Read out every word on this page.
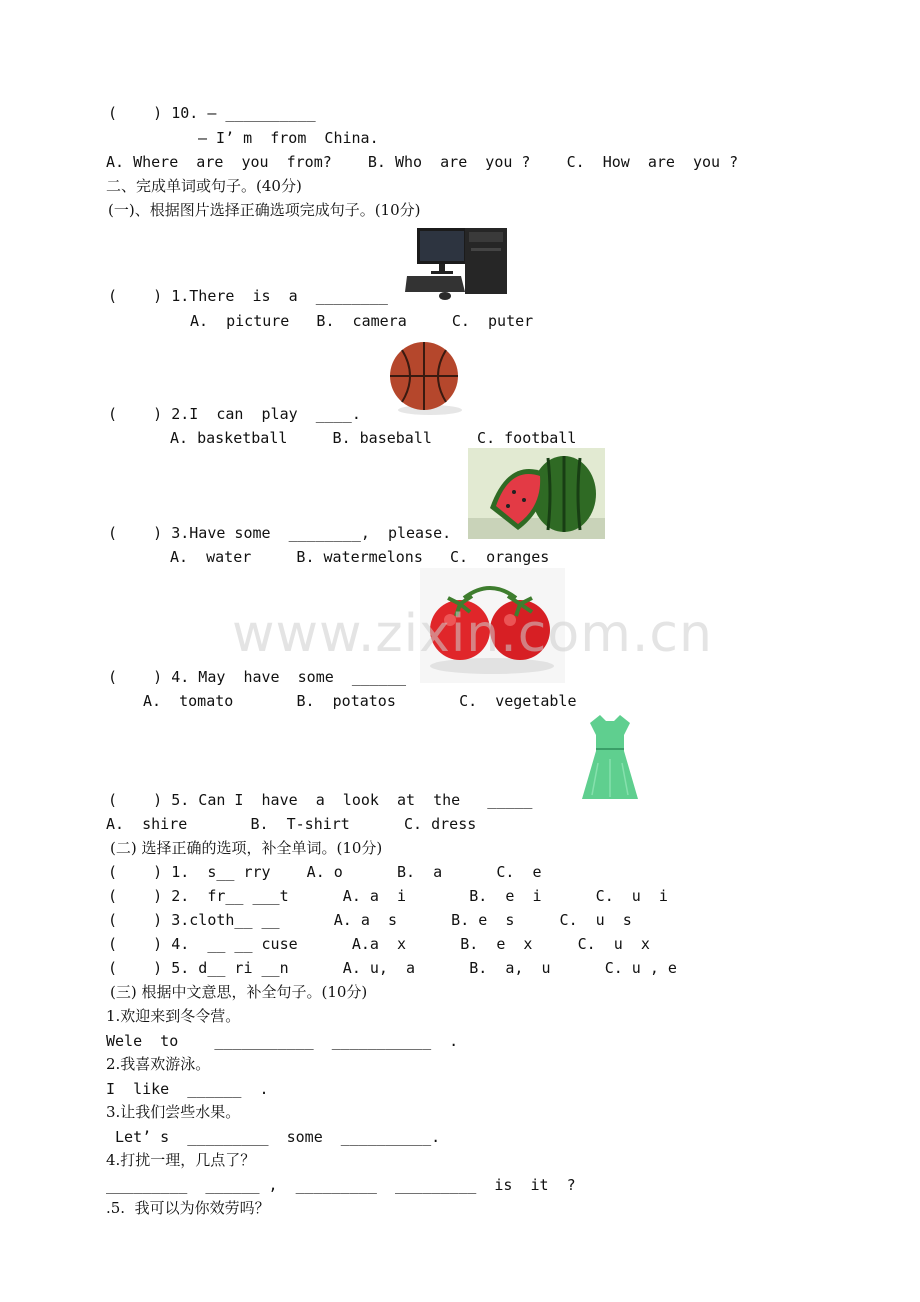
(    ) 10. — __________
— I’ m  from  China.
A. Where  are  you  from?    B. Who  are  you ?    C.  How  are  you ?
二、完成单词或句子。(40分)
(一)、根据图片选择正确选项完成句子。(10分)
(    ) 1.There  is  a  ________
A.  picture   B.  camera     C.  puter
(    ) 2.I  can  play  ____.
A. basketball     B. baseball     C. football
(    ) 3.Have some  ________,  please.
A.  water     B. watermelons   C.  oranges
www.zixin.com.cn
(    ) 4. May  have  some  ______
A.  tomato       B.  potatos       C.  vegetable
(    ) 5. Can I  have  a  look  at  the   _____
A.  shire       B.  T-shirt      C. dress
(二) 选择正确的选项，补全单词。(10分)
(    ) 1.  s__ rry    A. o      B.  a      C.  e
(    ) 2.  fr__ ___t      A. a  i       B.  e  i      C.  u  i
(    ) 3.cloth__ __      A. a  s      B. e  s     C.  u  s
(    ) 4.  __ __ cuse      A.a  x      B.  e  x     C.  u  x
(    ) 5. d__ ri __n      A. u,  a      B.  a,  u      C. u , e
(三) 根据中文意思，补全句子。(10分)
1.欢迎来到冬令营。
Wele  to    ___________  ___________  .
2.我喜欢游泳。
I  like  ______  .
3.让我们尝些水果。
Let’ s  _________  some  __________.
4.打扰一理，几点了？
_________  ______ ,  _________  _________  is  it  ?
.5.  我可以为你效劳吗？
